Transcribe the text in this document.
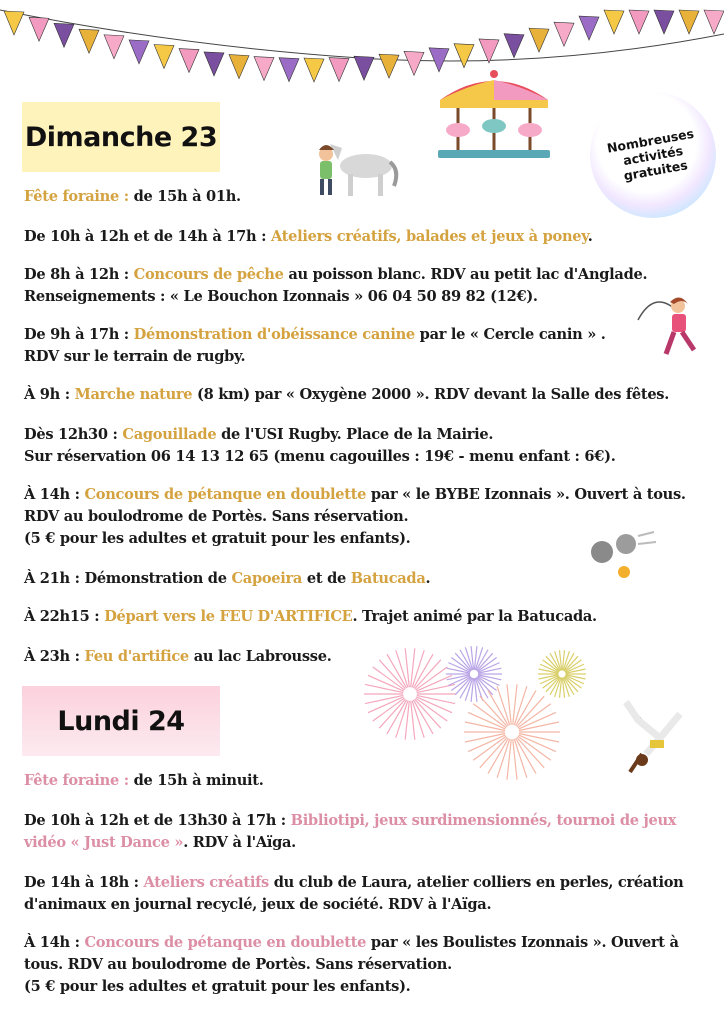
Dimanche 23	Nombreuses activités gratuites
Fête foraine : de 15h à 01h.
De 10h à 12h et de 14h à 17h : Ateliers créatifs, balades et jeux à poney.
De 8h à 12h : Concours de pêche au poisson blanc. RDV au petit lac d'Anglade.
Renseignements : « Le Bouchon Izonnais » 06 04 50 89 82 (12€).
De 9h à 17h : Démonstration d'obéissance canine par le « Cercle canin » .
RDV sur le terrain de rugby.
À 9h : Marche nature (8 km) par « Oxygène 2000 ». RDV devant la Salle des fêtes.
Dès 12h30 : Cagouillade de l'USI Rugby. Place de la Mairie.
Sur réservation 06 14 13 12 65 (menu cagouilles : 19€ - menu enfant : 6€).
À 14h : Concours de pétanque en doublette par « le BYBE Izonnais ». Ouvert à tous.
RDV au boulodrome de Portès. Sans réservation.
(5 € pour les adultes et gratuit pour les enfants).
À 21h : Démonstration de Capoeira et de Batucada.
À 22h15 : Départ vers le FEU D'ARTIFICE. Trajet animé par la Batucada.
À 23h : Feu d'artifice au lac Labrousse.
Lundi 24
Fête foraine : de 15h à minuit.
De 10h à 12h et de 13h30 à 17h : Bibliotipi, jeux surdimensionnés, tournoi de jeux
vidéo « Just Dance ». RDV à l'Aïga.
De 14h à 18h : Ateliers créatifs du club de Laura, atelier colliers en perles, création
d'animaux en journal recyclé, jeux de société. RDV à l'Aïga.
À 14h : Concours de pétanque en doublette par « les Boulistes Izonnais ». Ouvert à
tous. RDV au boulodrome de Portès. Sans réservation.
(5 € pour les adultes et gratuit pour les enfants).
